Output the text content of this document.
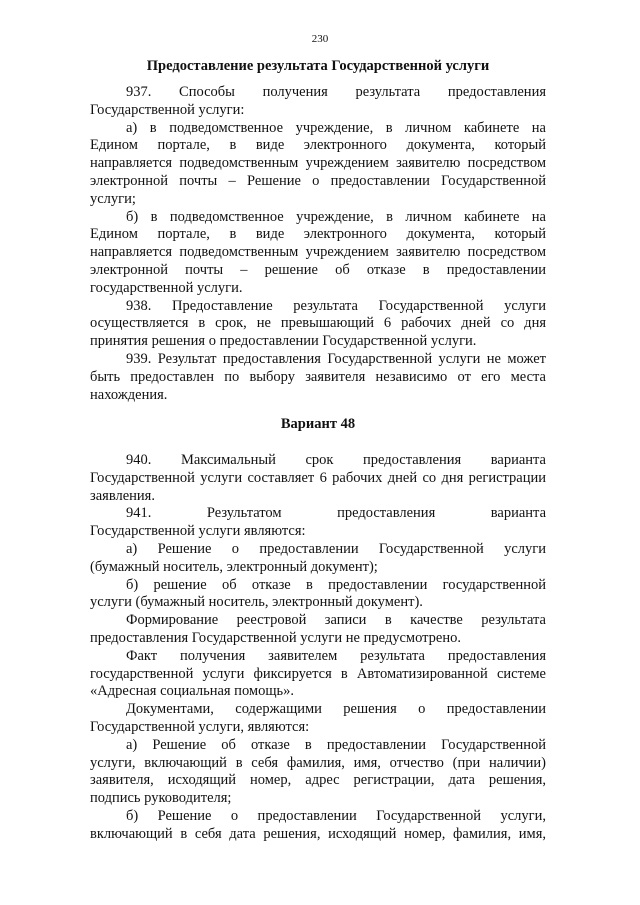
230
Предоставление результата Государственной услуги
937. Способы получения результата предоставления
Государственной услуги:
а) в подведомственное учреждение, в личном кабинете на
Едином портале, в виде электронного документа, который
направляется подведомственным учреждением заявителю посредством
электронной почты – Решение о предоставлении Государственной
услуги;
б) в подведомственное учреждение, в личном кабинете на
Едином портале, в виде электронного документа, который
направляется подведомственным учреждением заявителю посредством
электронной почты – решение об отказе в предоставлении
государственной услуги.
938. Предоставление результата Государственной услуги
осуществляется в срок, не превышающий 6 рабочих дней со дня
принятия решения о предоставлении Государственной услуги.
939. Результат предоставления Государственной услуги не может
быть предоставлен по выбору заявителя независимо от его места
нахождения.
Вариант 48
940. Максимальный срок предоставления варианта
Государственной услуги составляет 6 рабочих дней со дня регистрации
заявления.
941. Результатом предоставления варианта
Государственной услуги являются:
а) Решение о предоставлении Государственной услуги
(бумажный носитель, электронный документ);
б) решение об отказе в предоставлении государственной
услуги (бумажный носитель, электронный документ).
Формирование реестровой записи в качестве результата
предоставления Государственной услуги не предусмотрено.
Факт получения заявителем результата предоставления
государственной услуги фиксируется в Автоматизированной системе
«Адресная социальная помощь».
Документами, содержащими решения о предоставлении
Государственной услуги, являются:
а) Решение об отказе в предоставлении Государственной
услуги, включающий в себя фамилия, имя, отчество (при наличии)
заявителя, исходящий номер, адрес регистрации, дата решения,
подпись руководителя;
б) Решение о предоставлении Государственной услуги,
включающий в себя дата решения, исходящий номер, фамилия, имя,
